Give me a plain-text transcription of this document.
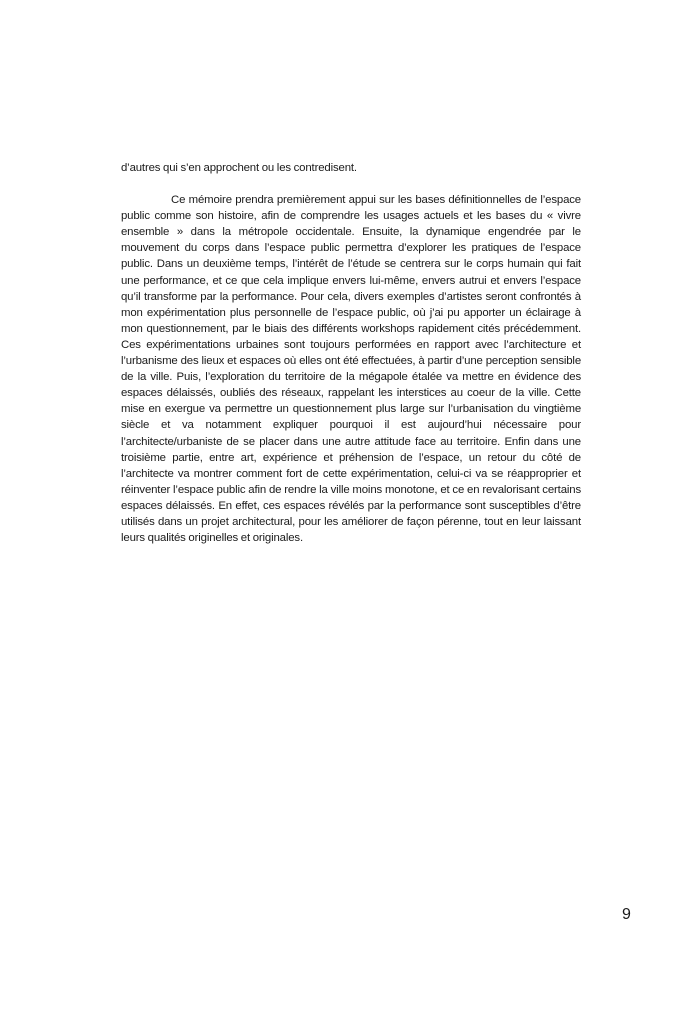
d’autres qui s’en approchent ou les contredisent.

Ce mémoire prendra premièrement appui sur les bases définitionnelles de l’espace public comme son histoire, afin de comprendre les usages actuels et les bases du « vivre ensemble » dans la métropole occidentale. Ensuite, la dynamique engendrée par le mouvement du corps dans l’espace public permettra d’explorer les pratiques de l’espace public. Dans un deuxième temps, l’intérêt de l’étude se centrera sur le corps humain qui fait une performance, et ce que cela implique envers lui-même, envers autrui et envers l’espace qu’il transforme par la performance. Pour cela, divers exemples d’artistes seront confrontés à mon expérimentation plus personnelle de l’espace public, où j’ai pu apporter un éclairage à mon questionnement, par le biais des différents workshops rapidement cités précédemment. Ces expérimentations urbaines sont toujours performées en rapport avec l’architecture et l’urbanisme des lieux et espaces où elles ont été effectuées, à partir d’une perception sensible de la ville. Puis, l’exploration du territoire de la mégapole étalée va mettre en évidence des espaces délaissés, oubliés des réseaux, rappelant les interstices au coeur de la ville. Cette mise en exergue va permettre un questionnement plus large sur l’urbanisation du vingtième siècle et va notamment expliquer pourquoi il est aujourd’hui nécessaire pour l’architecte/urbaniste de se placer dans une autre attitude face au territoire. Enfin dans une troisième partie, entre art, expérience et préhension de l’espace, un retour du côté de l’architecte va montrer comment fort de cette expérimentation, celui-ci va se réapproprier et réinventer l’espace public afin de rendre la ville moins monotone, et ce en revalorisant certains espaces délaissés. En effet, ces espaces révélés par la performance sont susceptibles d’être utilisés dans un projet architectural, pour les améliorer de façon pérenne, tout en leur laissant leurs qualités originelles et originales.

9
